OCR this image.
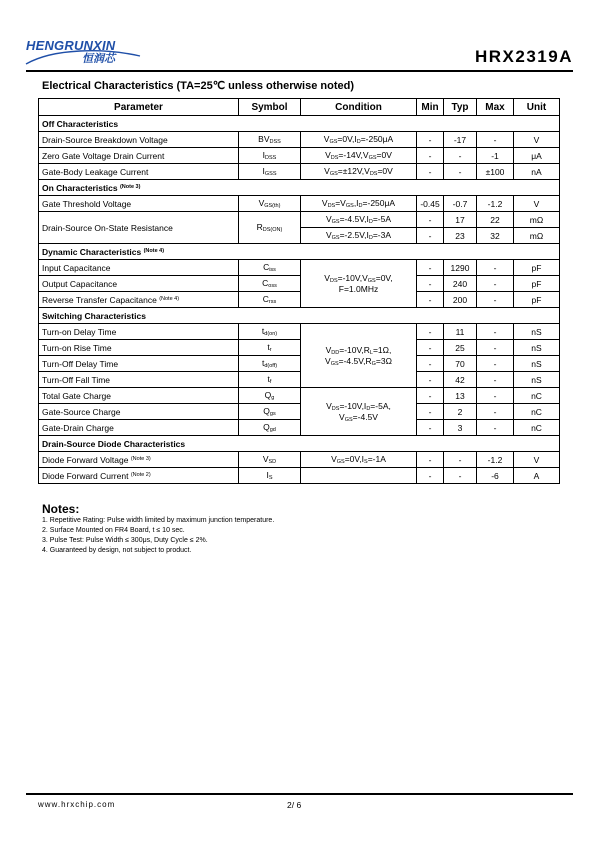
HENGRUNXIN
恒润芯	HRX2319A
Electrical Characteristics (TA=25℃ unless otherwise noted)
Parameter	Symbol	Condition	Min	Typ	Max	Unit
Off Characteristics						
Drain-Source Breakdown Voltage	$BV_{DSS}$	$V_{GS}=0V,I_D=-250\mu A$	-	-17	-	V
Zero Gate Voltage Drain Current	$I_{DSS}$	$V_{DS}=-14V,V_{GS}=0V$	-	-	-1	μA
Gate-Body Leakage Current	$I_{GSS}$	$V_{GS}=\pm 12V,V_{DS}=0V$	-	-	±100	nA
On Characteristics $^{(Note 3)}$
Gate Threshold Voltage	$V_{GS(th)}$	$V_{DS}=V_{GS},I_D=-250\mu A$	-0.45	-0.7	-1.2	V
Drain-Source On-State Resistance	$R_{DS(ON)}$	$V_{GS}=-4.5V,I_D=-5A$	-	17	22	mΩ
		$V_{GS}=-2.5V,I_D=-3A$	-	23	32	mΩ
Dynamic Characteristics $^{(Note 4)}$
Input Capacitance	$C_{iss}$	$V_{DS}=-10V,V_{GS}=0V$,
F=1.0MHz	-	1290	-	pF
Output Capacitance	$C_{oss}$		-	240	-	pF
Reverse Transfer Capacitance $^{(Note 4)}$	$C_{rss}$		-	200	-	pF
Switching Characteristics						
Turn-on Delay Time	$t_{d(on)}$	$V_{DD}=-10V,R_L=1\Omega$,
$V_{GS}=-4.5V,R_G=3\Omega$	-	11	-	nS
Turn-on Rise Time	$t_r$		-	25	-	nS
Turn-Off Delay Time	$t_{d(off)}$		-	70	-	nS
Turn-Off Fall Time	$t_f$		-	42	-	nS
Total Gate Charge	$Q_g$	$V_{DS}=-10V,I_D=-5A$,
$V_{GS}=-4.5V$	-	13	-	nC
Gate-Source Charge	$Q_{gs}$		-	2	-	nC
Gate-Drain Charge	$Q_{gd}$		-	3	-	nC
Drain-Source Diode Characteristics						
Diode Forward Voltage $^{(Note 3)}$	$V_{SD}$	$V_{GS}=0V,I_S=-1A$	-	-	-1.2	V
Diode Forward Current $^{(Note 2)}$	$I_S$		-	-	-6	A
Notes:
1. Repetitive Rating: Pulse width limited by maximum junction temperature.
2. Surface Mounted on FR4 Board, t ≤ 10 sec.
3. Pulse Test: Pulse Width ≤ 300μs, Duty Cycle ≤ 2%.
4. Guaranteed by design, not subject to product.
www.hrxchip.com	2/ 6
